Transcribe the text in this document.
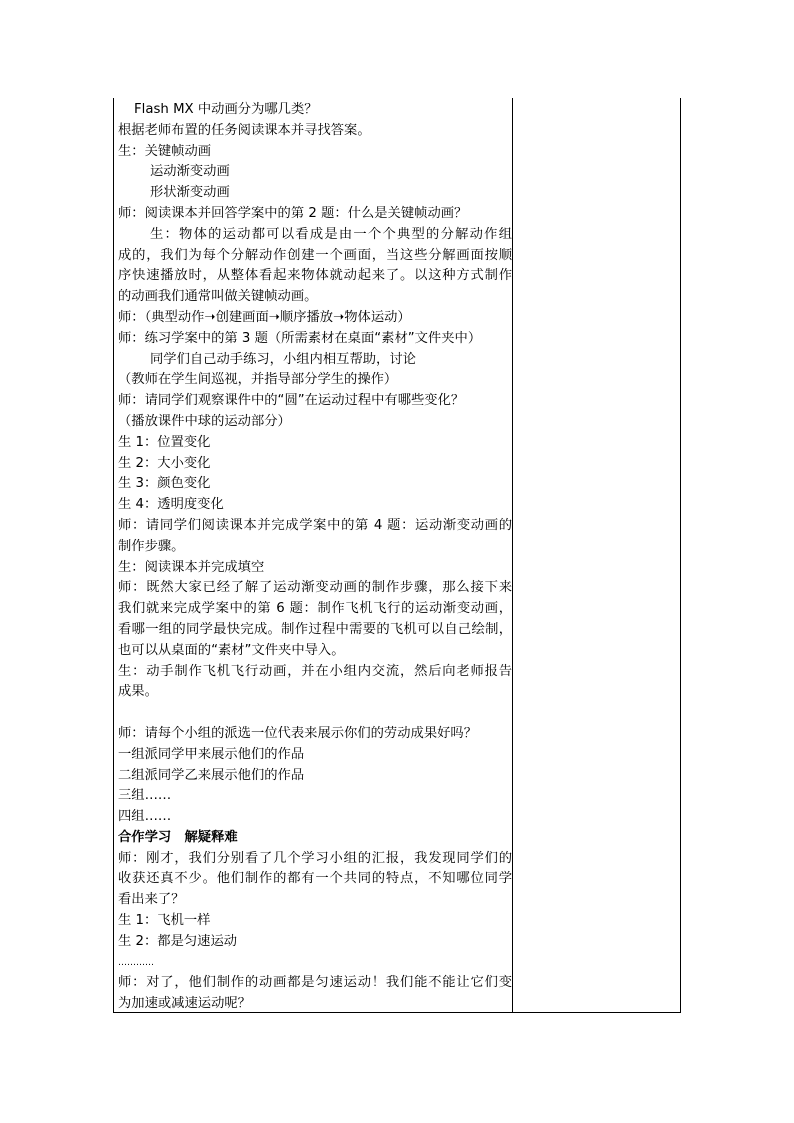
Flash MX 中动画分为哪几类？
根据老师布置的任务阅读课本并寻找答案。
生：关键帧动画
运动渐变动画
形状渐变动画
师：阅读课本并回答学案中的第 2 题：什么是关键帧动画？
生：物体的运动都可以看成是由一个个典型的分解动作组
成的，我们为每个分解动作创建一个画面，当这些分解画面按顺
序快速播放时，从整体看起来物体就动起来了。以这种方式制作
的动画我们通常叫做关键帧动画。
师：（典型动作➝创建画面➝顺序播放➝物体运动）
师：练习学案中的第 3 题（所需素材在桌面“素材”文件夹中）
同学们自己动手练习，小组内相互帮助，讨论
（教师在学生间巡视，并指导部分学生的操作）
师：请同学们观察课件中的“圆”在运动过程中有哪些变化？
（播放课件中球的运动部分）
生 1：位置变化
生 2：大小变化
生 3：颜色变化
生 4：透明度变化
师：请同学们阅读课本并完成学案中的第 4 题：运动渐变动画的
制作步骤。
生：阅读课本并完成填空
师：既然大家已经了解了运动渐变动画的制作步骤，那么接下来
我们就来完成学案中的第 6 题：制作飞机飞行的运动渐变动画，
看哪一组的同学最快完成。制作过程中需要的飞机可以自己绘制，
也可以从桌面的“素材”文件夹中导入。
生：动手制作飞机飞行动画，并在小组内交流，然后向老师报告
成果。
师：请每个小组的派选一位代表来展示你们的劳动成果好吗？
一组派同学甲来展示他们的作品
二组派同学乙来展示他们的作品
三组……
四组……
合作学习　解疑释难
师：刚才，我们分别看了几个学习小组的汇报，我发现同学们的
收获还真不少。他们制作的都有一个共同的特点，不知哪位同学
看出来了？
生 1：飞机一样
生 2：都是匀速运动
…………
师：对了，他们制作的动画都是匀速运动！我们能不能让它们变
为加速或减速运动呢？
